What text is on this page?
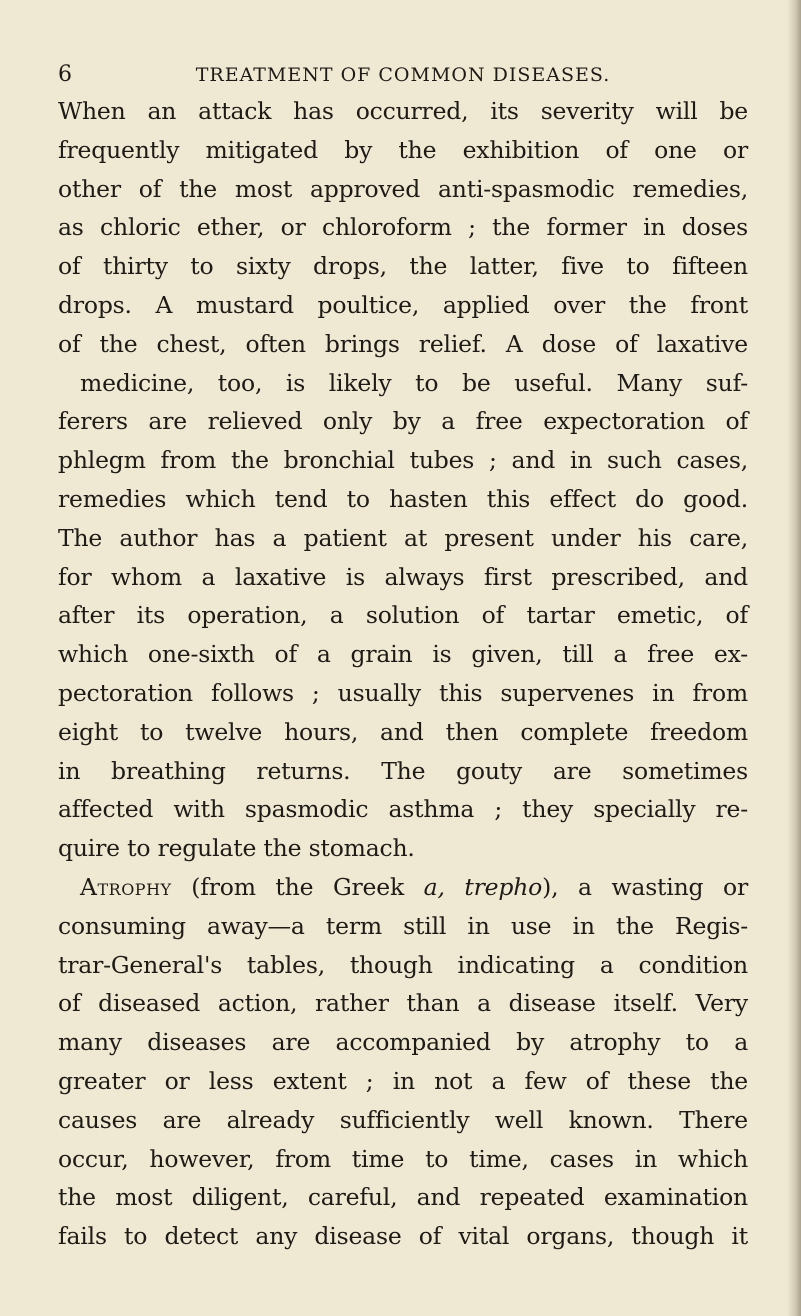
6	TREATMENT OF COMMON DISEASES.
When an attack has occurred, its severity will be
frequently mitigated by the exhibition of one or
other of the most approved anti-spasmodic remedies,
as chloric ether, or chloroform ; the former in doses
of thirty to sixty drops, the latter, five to fifteen
drops. A mustard poultice, applied over the front
of the chest, often brings relief. A dose of laxative
medicine, too, is likely to be useful. Many suf-
ferers are relieved only by a free expectoration of
phlegm from the bronchial tubes ; and in such cases,
remedies which tend to hasten this effect do good.
The author has a patient at present under his care,
for whom a laxative is always first prescribed, and
after its operation, a solution of tartar emetic, of
which one-sixth of a grain is given, till a free ex-
pectoration follows ; usually this supervenes in from
eight to twelve hours, and then complete freedom
in breathing returns. The gouty are sometimes
affected with spasmodic asthma ; they specially re-
quire to regulate the stomach.
Atrophy (from the Greek a, trepho), a wasting or
consuming away—a term still in use in the Regis-
trar-General's tables, though indicating a condition
of diseased action, rather than a disease itself. Very
many diseases are accompanied by atrophy to a
greater or less extent ; in not a few of these the
causes are already sufficiently well known. There
occur, however, from time to time, cases in which
the most diligent, careful, and repeated examination
fails to detect any disease of vital organs, though it
